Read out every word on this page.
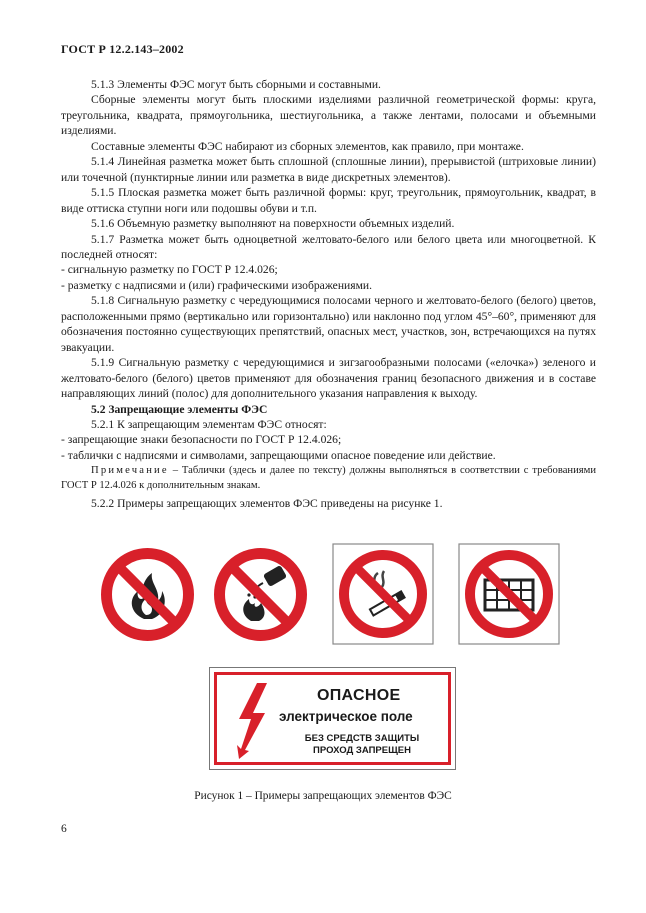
ГОСТ Р 12.2.143–2002

5.1.3 Элементы ФЭС могут быть сборными и составными.

Сборные элементы могут быть плоскими изделиями различной геометрической формы: круга, треугольника, квадрата, прямоугольника, шестиугольника, а также лентами, полосами и объемными изделиями.

Составные элементы ФЭС набирают из сборных элементов, как правило, при монтаже.

5.1.4 Линейная разметка может быть сплошной (сплошные линии), прерывистой (штриховые линии) или точечной (пунктирные линии или разметка в виде дискретных элементов).

5.1.5 Плоская разметка может быть различной формы: круг, треугольник, прямоугольник, квадрат, в виде оттиска ступни ноги или подошвы обуви и т.п.

5.1.6 Объемную разметку выполняют на поверхности объемных изделий.

5.1.7 Разметка может быть одноцветной желтовато-белого или белого цвета или многоцветной. К последней относят:

- сигнальную разметку по ГОСТ Р 12.4.026;

- разметку с надписями и (или) графическими изображениями.

5.1.8 Сигнальную разметку с чередующимися полосами черного и желтовато-белого (белого) цветов, расположенными прямо (вертикально или горизонтально) или наклонно под углом 45°–60°, применяют для обозначения постоянно существующих препятствий, опасных мест, участков, зон, встречающихся на путях эвакуации.

5.1.9 Сигнальную разметку с чередующимися и зигзагообразными полосами («елочка») зеленого и желтовато-белого (белого) цветов применяют для обозначения границ безопасного движения и в составе направляющих линий (полос) для дополнительного указания направления к выходу.

5.2 Запрещающие элементы ФЭС

5.2.1 К запрещающим элементам ФЭС относят:

- запрещающие знаки безопасности по ГОСТ Р 12.4.026;

- таблички с надписями и символами, запрещающими опасное поведение или действие.

Примечание – Таблички (здесь и далее по тексту) должны выполняться в соответствии с требованиями ГОСТ Р 12.4.026 к дополнительным знакам.

5.2.2 Примеры запрещающих элементов ФЭС приведены на рисунке 1.

ОПАСНОЕ
электрическое поле
БЕЗ СРЕДСТВ ЗАЩИТЫ
ПРОХОД ЗАПРЕЩЕН
Рисунок 1 – Примеры запрещающих элементов ФЭС
6
